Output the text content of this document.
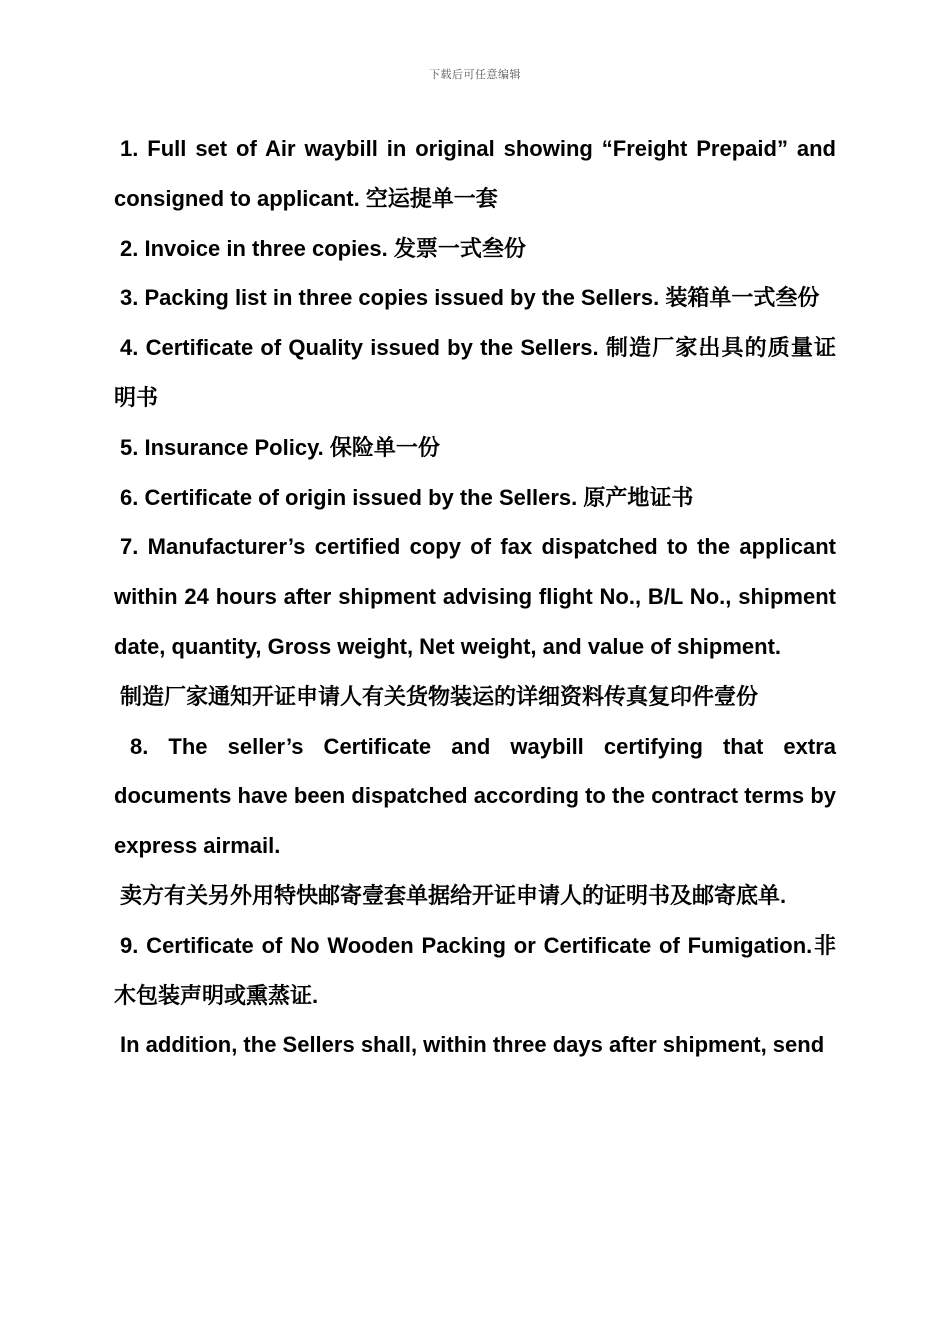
下载后可任意编辑

1. Full set of Air waybill in original showing “Freight Prepaid” and consigned to applicant. 空运提单一套

2. Invoice in three copies. 发票一式叁份

3. Packing list in three copies issued by the Sellers. 装箱单一式叁份

4. Certificate of Quality issued by the Sellers. 制造厂家出具的质量证明书

5. Insurance Policy. 保险单一份

6. Certificate of origin issued by the Sellers. 原产地证书

7. Manufacturer’s certified copy of fax dispatched to the applicant within 24 hours after shipment advising flight No., B/L No., shipment date, quantity, Gross weight, Net weight, and value of shipment.

制造厂家通知开证申请人有关货物装运的详细资料传真复印件壹份

8. The seller’s Certificate and waybill certifying that extra documents have been dispatched according to the contract terms by express airmail.

卖方有关另外用特快邮寄壹套单据给开证申请人的证明书及邮寄底单.

9. Certificate of No Wooden Packing or Certificate of Fumigation.非木包装声明或熏蒸证.

In addition, the Sellers shall, within three days after shipment, send
